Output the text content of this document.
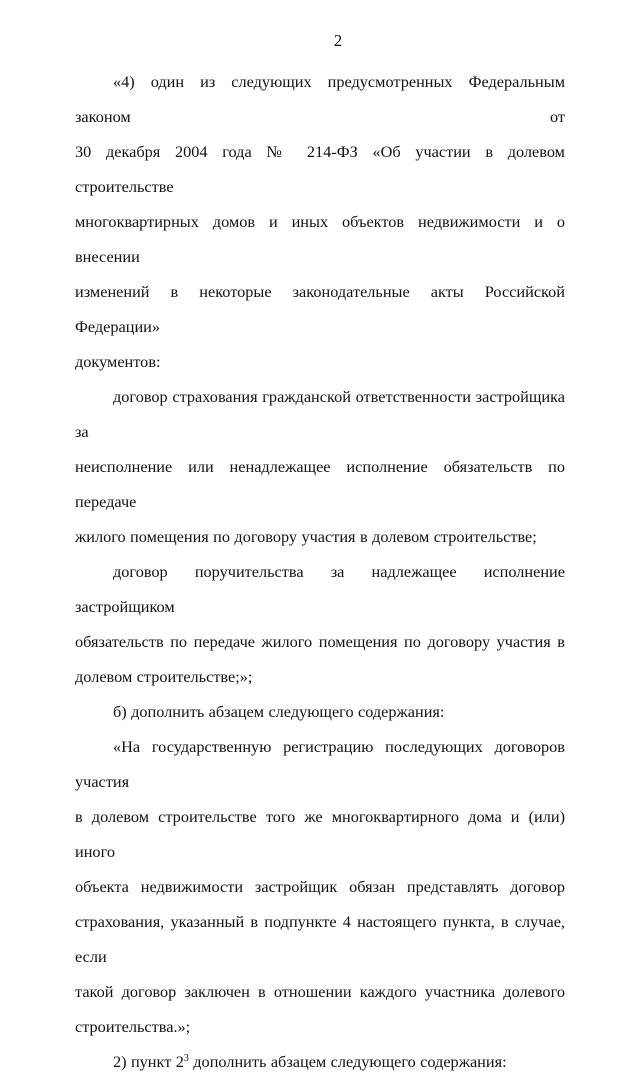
2
«4) один из следующих предусмотренных Федеральным законом от
30 декабря 2004 года № 214-ФЗ «Об участии в долевом строительстве
многоквартирных домов и иных объектов недвижимости и о внесении
изменений в некоторые законодательные акты Российской Федерации»
документов:
договор страхования гражданской ответственности застройщика за
неисполнение или ненадлежащее исполнение обязательств по передаче
жилого помещения по договору участия в долевом строительстве;
договор поручительства за надлежащее исполнение застройщиком
обязательств по передаче жилого помещения по договору участия в
долевом строительстве;»;
б) дополнить абзацем следующего содержания:
«На государственную регистрацию последующих договоров участия
в долевом строительстве того же многоквартирного дома и (или) иного
объекта недвижимости застройщик обязан представлять договор
страхования, указанный в подпункте 4 настоящего пункта, в случае, если
такой договор заключен в отношении каждого участника долевого
строительства.»;
2) пункт $2^3$ дополнить абзацем следующего содержания:
